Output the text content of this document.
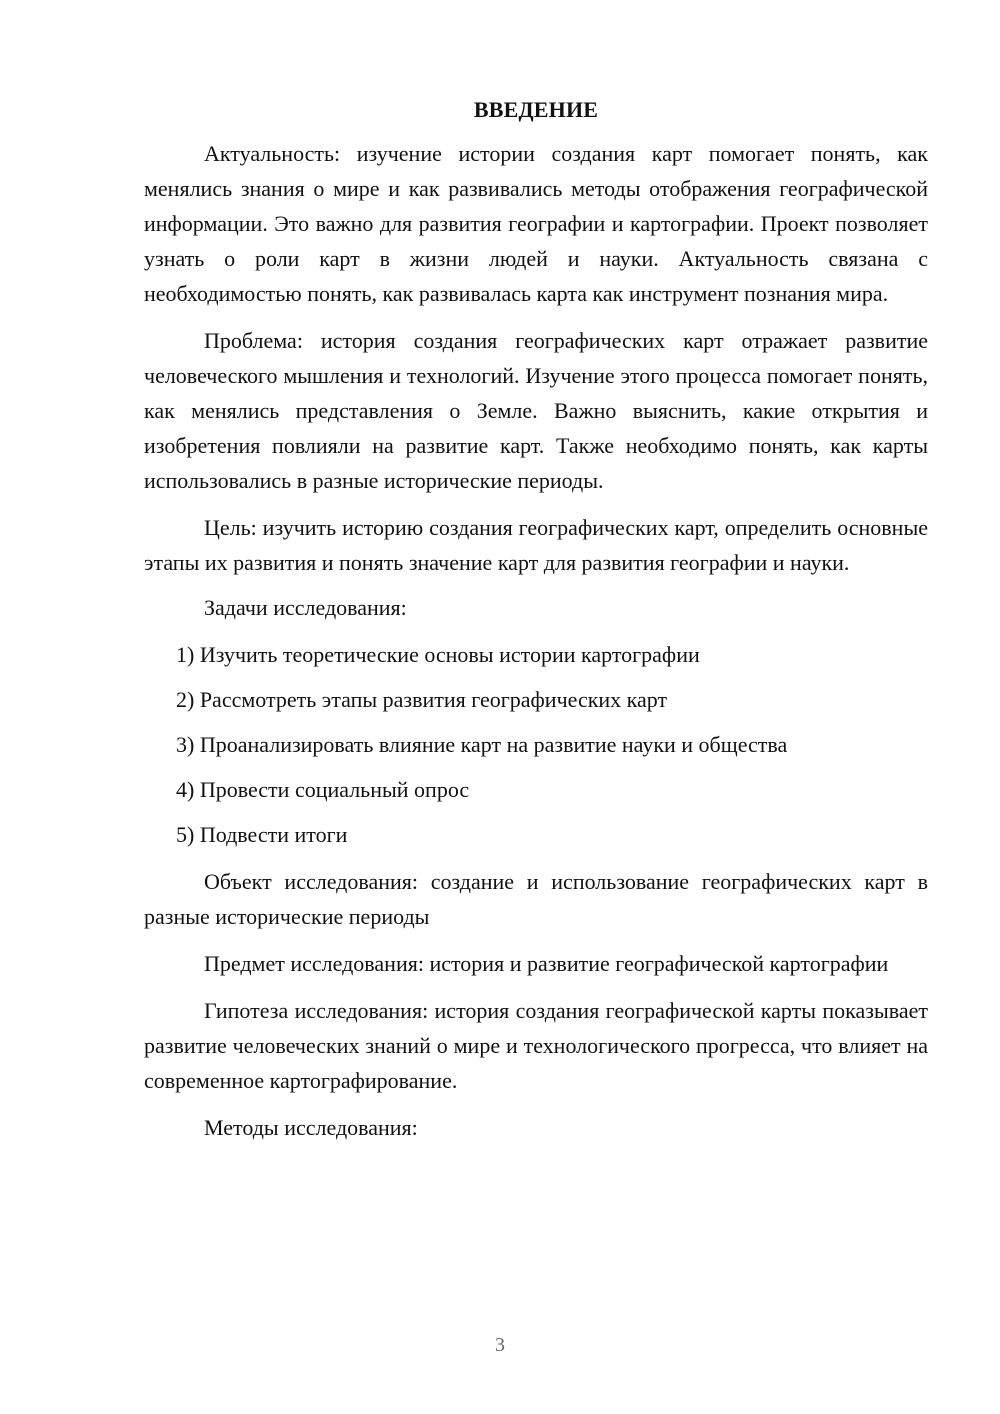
ВВЕДЕНИЕ

Актуальность: изучение истории создания карт помогает понять, как менялись знания о мире и как развивались методы отображения географической информации. Это важно для развития географии и картографии. Проект позволяет узнать о роли карт в жизни людей и науки. Актуальность связана с необходимостью понять, как развивалась карта как инструмент познания мира.

Проблема: история создания географических карт отражает развитие человеческого мышления и технологий. Изучение этого процесса помогает понять, как менялись представления о Земле. Важно выяснить, какие открытия и изобретения повлияли на развитие карт. Также необходимо понять, как карты использовались в разные исторические периоды.

Цель: изучить историю создания географических карт, определить основные этапы их развития и понять значение карт для развития географии и науки.

Задачи исследования:

1) Изучить теоретические основы истории картографии
2) Рассмотреть этапы развития географических карт
3) Проанализировать влияние карт на развитие науки и общества
4) Провести социальный опрос
5) Подвести итоги

Объект исследования: создание и использование географических карт в разные исторические периоды

Предмет исследования: история и развитие географической картографии

Гипотеза исследования: история создания географической карты показывает развитие человеческих знаний о мире и технологического прогресса, что влияет на современное картографирование.

Методы исследования:

3
